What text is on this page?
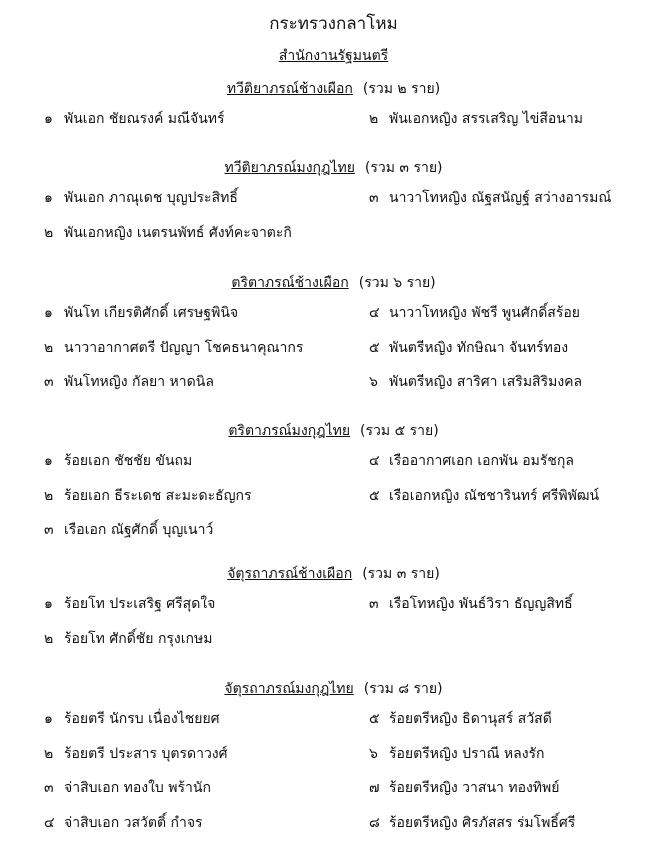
กระทรวงกลาโหม
สำนักงานรัฐมนตรี
ทวีติยาภรณ์ช้างเผือก (รวม ๒ ราย)
๑ พันเอก ชัยณรงค์ มณีจันทร์	๒ พันเอกหญิง สรรเสริญ ไข่สีอนาม
ทวีติยาภรณ์มงกุฎไทย (รวม ๓ ราย)
๑ พันเอก ภาณุเดช บุญประสิทธิ์
๒ พันเอกหญิง เนตรนพัทธ์ ศังท์คะจาตะกิ
๓ นาวาโทหญิง ณัฐสนัญฐ์ สว่างอารมณ์
ตริตาภรณ์ช้างเผือก (รวม ๖ ราย)
๑ พันโท เกียรติศักดิ์ เศรษฐพินิจ
๒ นาวาอากาศตรี ปัญญา โชคธนาคุณากร
๓ พันโทหญิง กัลยา หาดนิล
๔ นาวาโทหญิง พัชรี พูนศักดิ์สร้อย
๕ พันตรีหญิง ทักษิณา จันทร์ทอง
๖ พันตรีหญิง สาริศา เสริมสิริมงคล
ตริตาภรณ์มงกุฎไทย (รวม ๕ ราย)
๑ ร้อยเอก ชัชชัย ขันถม
๒ ร้อยเอก ธีระเดช สะมะดะธัญกร
๓ เรือเอก ณัฐศักดิ์ บุญเนาว์
๔ เรืออากาศเอก เอกพัน อมรัชกุล
๕ เรือเอกหญิง ณัชชารินทร์ ศรีพิพัฒน์
จัตุรถาภรณ์ช้างเผือก (รวม ๓ ราย)
๑ ร้อยโท ประเสริฐ ศรีสุดใจ
๒ ร้อยโท ศักดิ์ชัย กรุงเกษม
๓ เรือโทหญิง พันธ์วิรา ธัญญสิทธิ์
จัตุรถาภรณ์มงกุฎไทย (รวม ๘ ราย)
๑ ร้อยตรี นักรบ เนื่องไชยยศ
๒ ร้อยตรี ประสาร บุตรดาวงศ์
๓ จ่าสิบเอก ทองใบ พร้านัก
๔ จ่าสิบเอก วสวัตติ์ กำจร
๕ ร้อยตรีหญิง ธิดานุสร์ สวัสดี
๖ ร้อยตรีหญิง ปราณี หลงรัก
๗ ร้อยตรีหญิง วาสนา ทองทิพย์
๘ ร้อยตรีหญิง ศิรภัสสร ร่มโพธิ์ศรี
